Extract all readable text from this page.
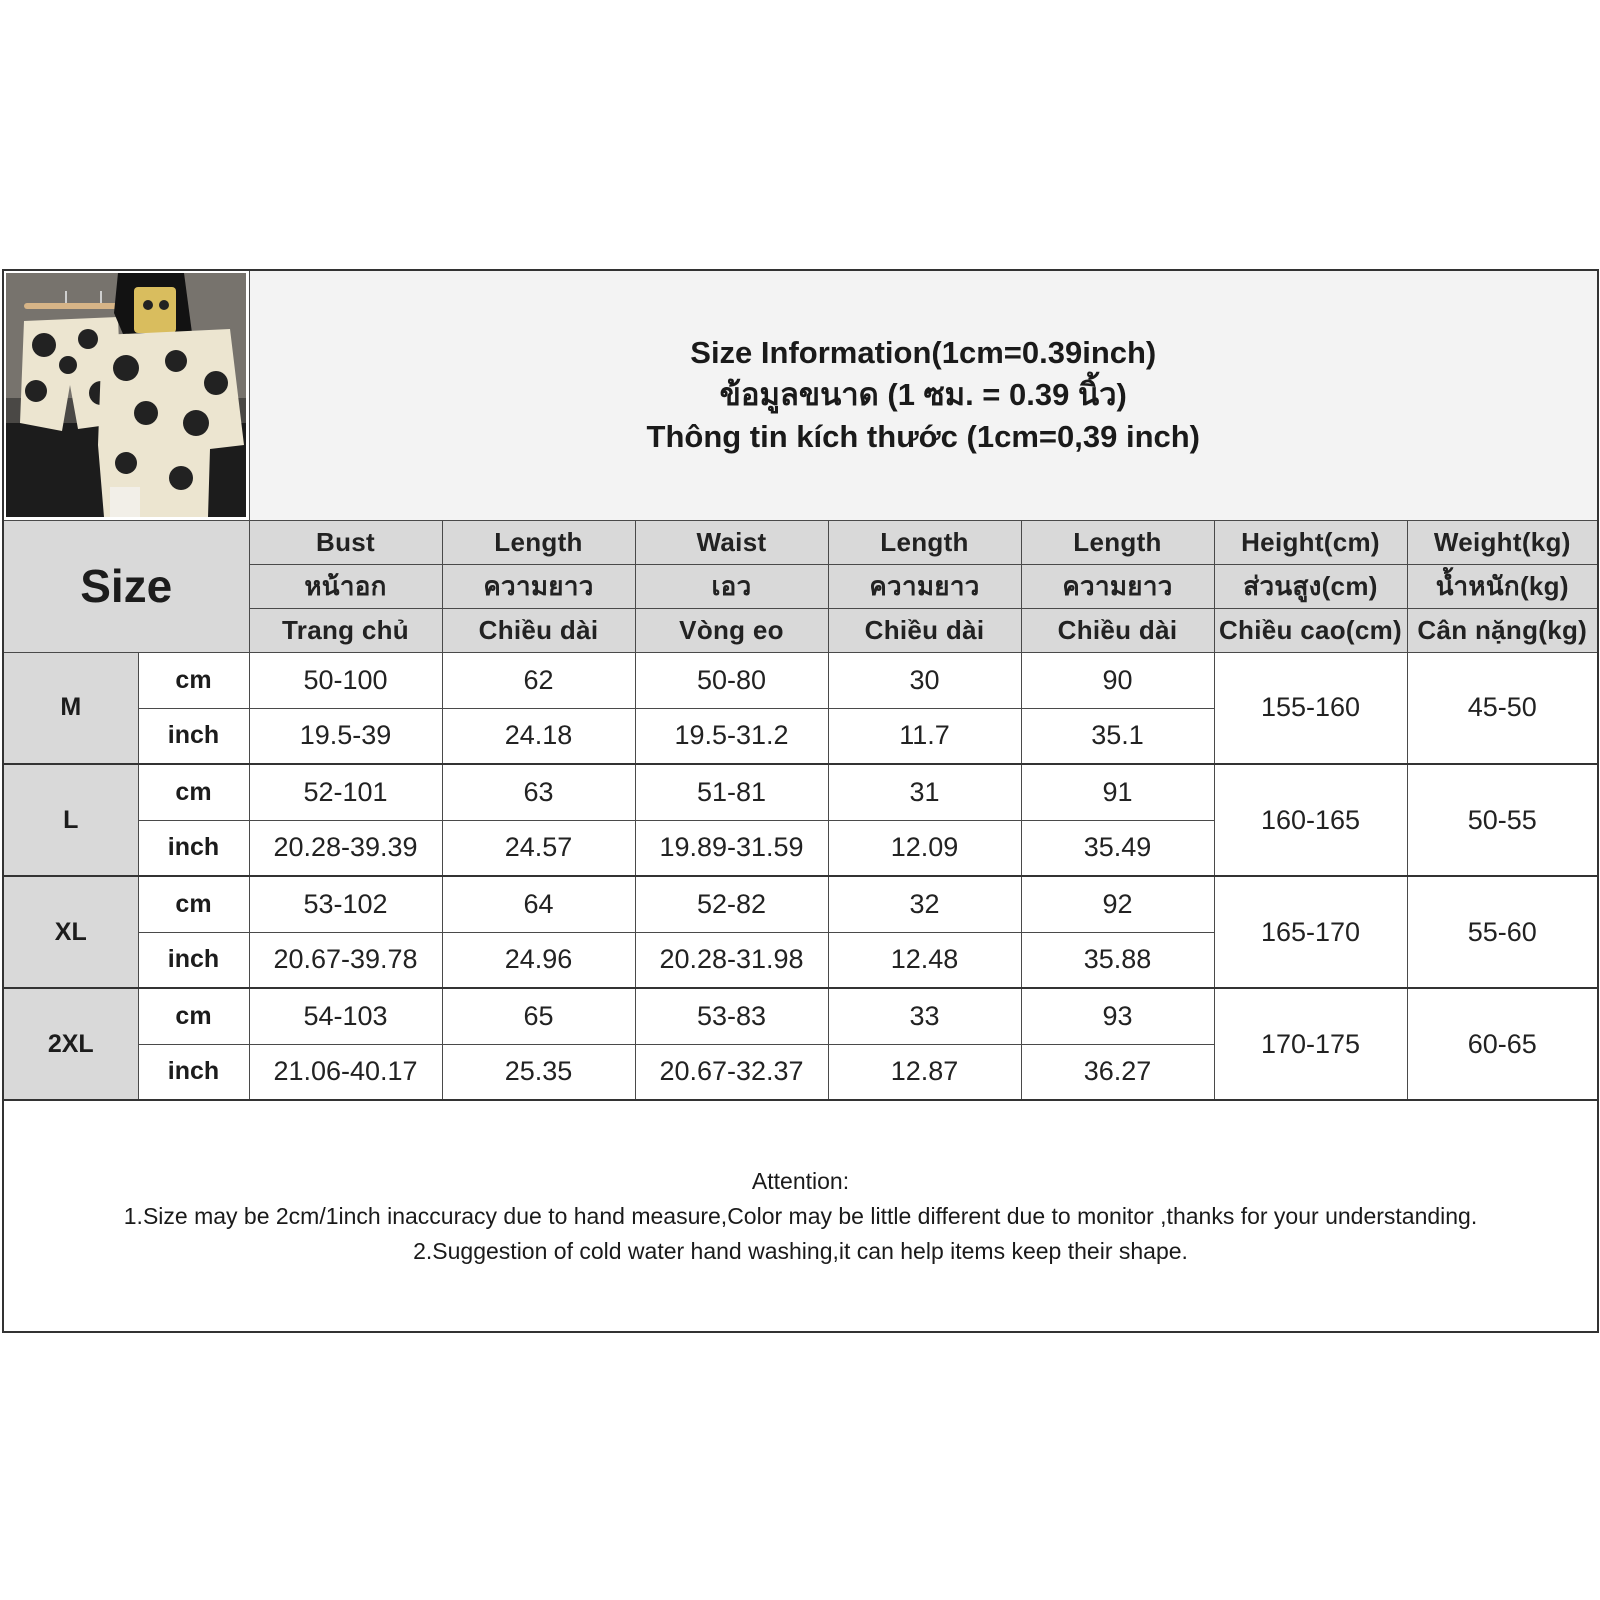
Size Information(1cm=0.39inch)
ข้อมูลขนาด (1 ซม. = 0.39 นิ้ว)
Thông tin kích thước (1cm=0,39 inch)						

Size		Bust	Length	Waist	Length	Length	Height(cm)	Weight(kg)
		หน้าอก	ความยาว	เอว	ความยาว	ความยาว	ส่วนสูง(cm)	น้ำหนัก(kg)
		Trang chủ	Chiều dài	Vòng eo	Chiều dài	Chiều dài	Chiều cao(cm)	Cân nặng(kg)
M	cm	50-100	62	50-80	30	90	155-160	45-50
	inch	19.5-39	24.18	19.5-31.2	11.7	35.1		
L	cm	52-101	63	51-81	31	91	160-165	50-55
	inch	20.28-39.39	24.57	19.89-31.59	12.09	35.49		
XL	cm	53-102	64	52-82	32	92	165-170	55-60
	inch	20.67-39.78	24.96	20.28-31.98	12.48	35.88		
2XL	cm	54-103	65	53-83	33	93	170-175	60-65
	inch	21.06-40.17	25.35	20.67-32.37	12.87	36.27		

Attention:
1.Size may be 2cm/1inch inaccuracy due to hand measure,Color may be little different due to monitor ,thanks for your understanding.
2.Suggestion of cold water hand washing,it can help items keep their shape.								
